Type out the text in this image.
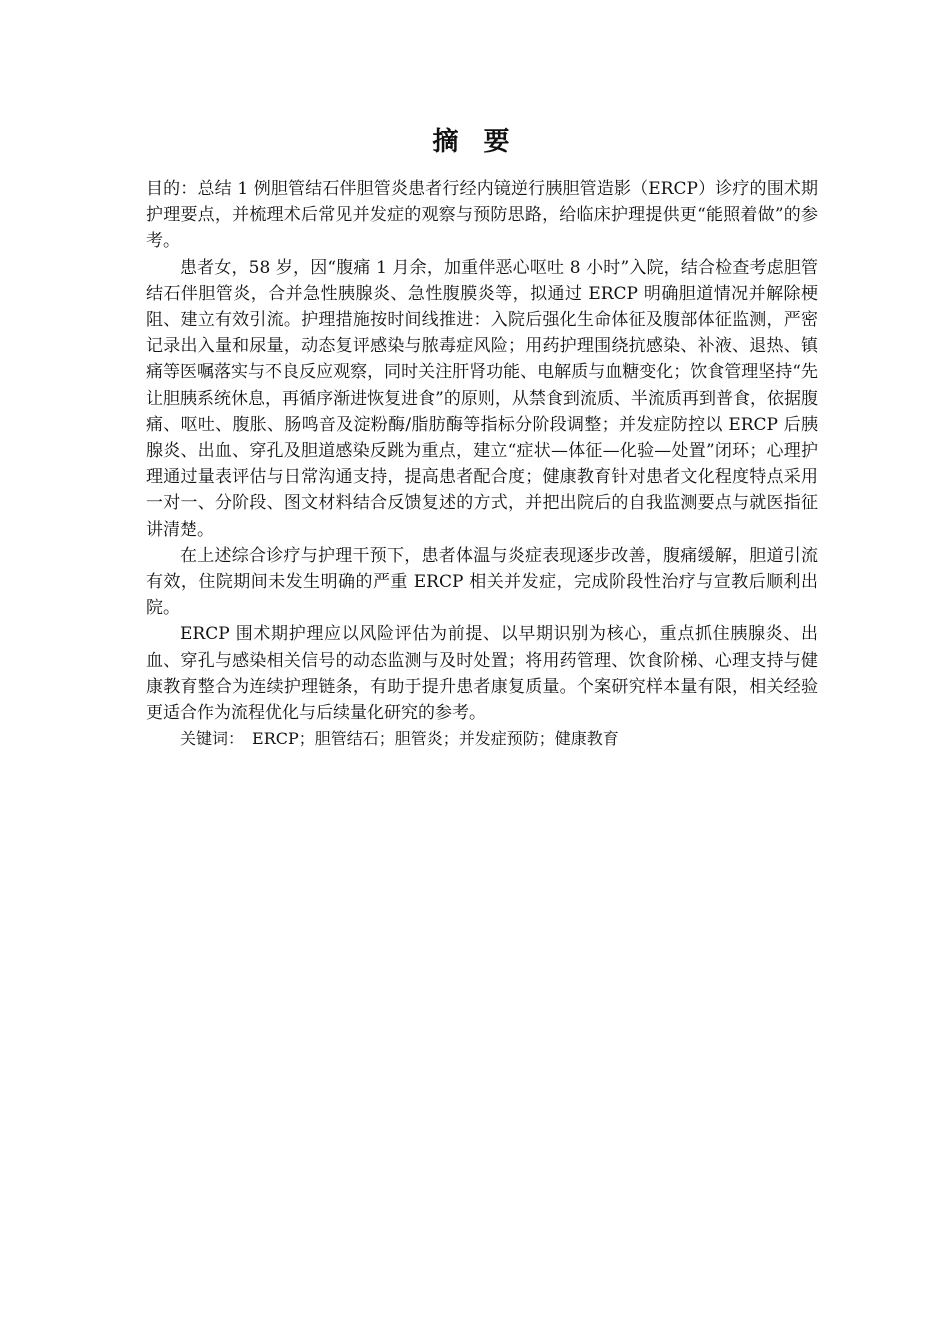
摘 要

目的：总结 1 例胆管结石伴胆管炎患者行经内镜逆行胰胆管造影（ERCP）诊疗的围术期护理要点，并梳理术后常见并发症的观察与预防思路，给临床护理提供更“能照着做”的参考。

患者女，58 岁，因“腹痛 1 月余，加重伴恶心呕吐 8 小时”入院，结合检查考虑胆管结石伴胆管炎，合并急性胰腺炎、急性腹膜炎等，拟通过 ERCP 明确胆道情况并解除梗阻、建立有效引流。护理措施按时间线推进：入院后强化生命体征及腹部体征监测，严密记录出入量和尿量，动态复评感染与脓毒症风险；用药护理围绕抗感染、补液、退热、镇痛等医嘱落实与不良反应观察，同时关注肝肾功能、电解质与血糖变化；饮食管理坚持“先让胆胰系统休息，再循序渐进恢复进食”的原则，从禁食到流质、半流质再到普食，依据腹痛、呕吐、腹胀、肠鸣音及淀粉酶/脂肪酶等指标分阶段调整；并发症防控以 ERCP 后胰腺炎、出血、穿孔及胆道感染反跳为重点，建立“症状—体征—化验—处置”闭环；心理护理通过量表评估与日常沟通支持，提高患者配合度；健康教育针对患者文化程度特点采用一对一、分阶段、图文材料结合反馈复述的方式，并把出院后的自我监测要点与就医指征讲清楚。

在上述综合诊疗与护理干预下，患者体温与炎症表现逐步改善，腹痛缓解，胆道引流有效，住院期间未发生明确的严重 ERCP 相关并发症，完成阶段性治疗与宣教后顺利出院。

ERCP 围术期护理应以风险评估为前提、以早期识别为核心，重点抓住胰腺炎、出血、穿孔与感染相关信号的动态监测与及时处置；将用药管理、饮食阶梯、心理支持与健康教育整合为连续护理链条，有助于提升患者康复质量。个案研究样本量有限，相关经验更适合作为流程优化与后续量化研究的参考。

关键词： ERCP；胆管结石；胆管炎；并发症预防；健康教育
